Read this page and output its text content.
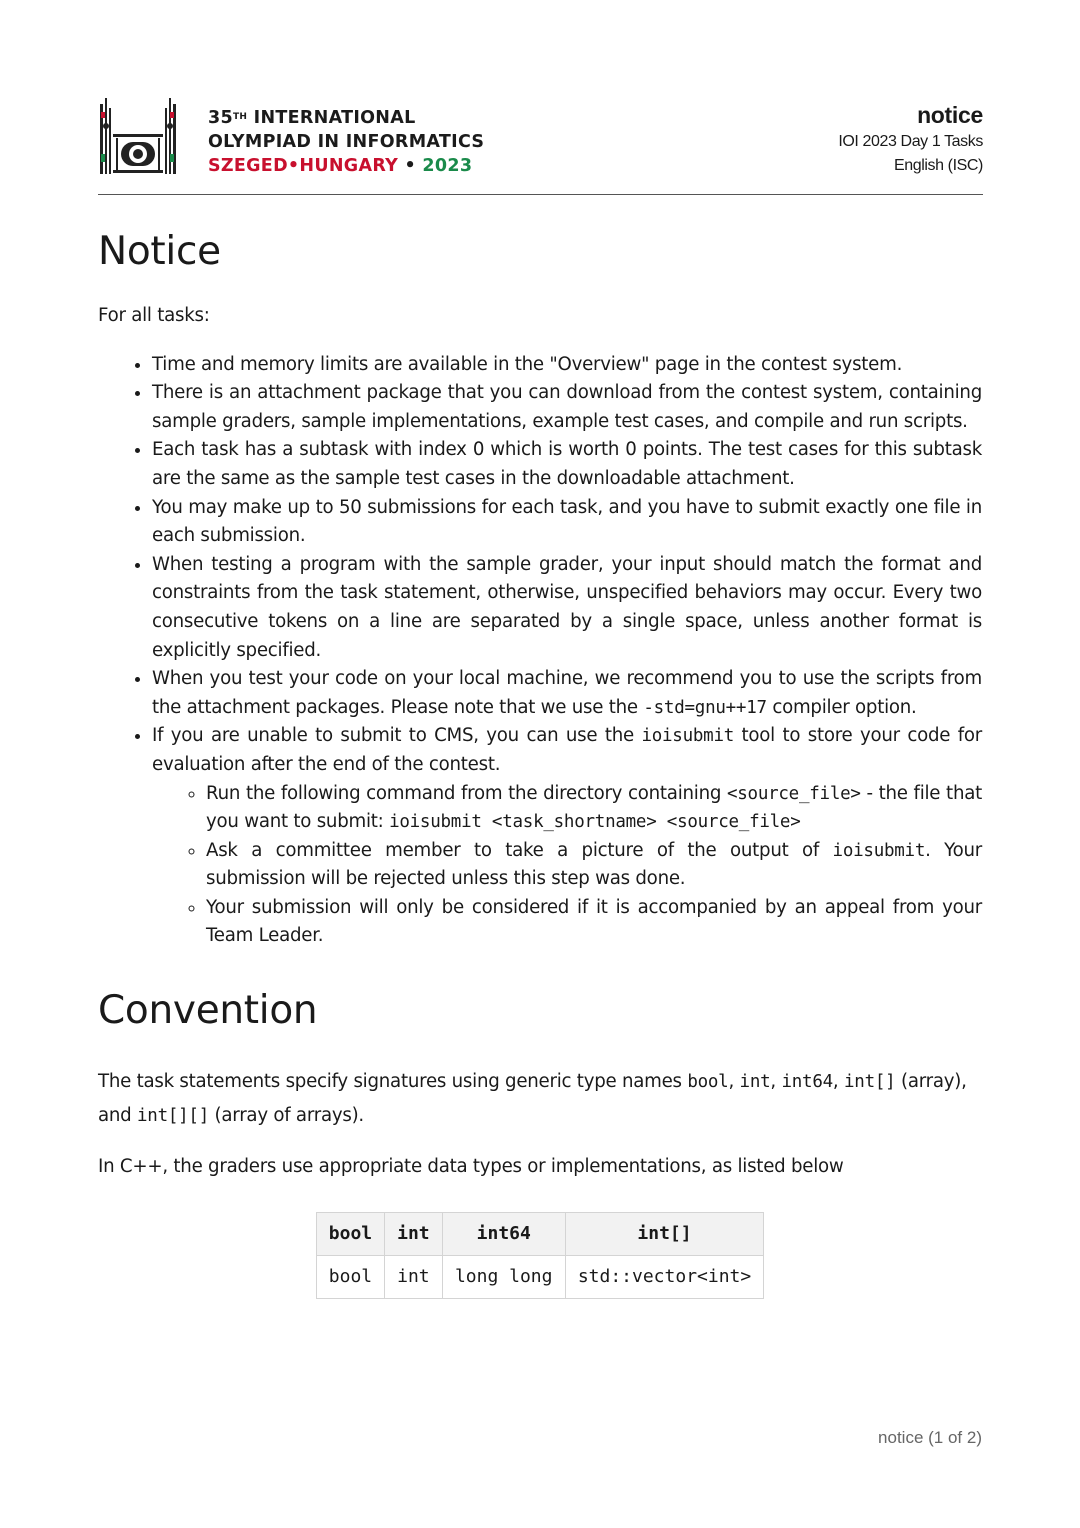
35TH INTERNATIONAL
OLYMPIAD IN INFORMATICS
SZEGED•HUNGARY • 2023
notice
IOI 2023 Day 1 Tasks
English (ISC)
Notice

For all tasks:

• Time and memory limits are available in the "Overview" page in the contest system.
• There is an attachment package that you can download from the contest system, containing sample graders, sample implementations, example test cases, and compile and run scripts.
• Each task has a subtask with index 0 which is worth 0 points. The test cases for this subtask are the same as the sample test cases in the downloadable attachment.
• You may make up to 50 submissions for each task, and you have to submit exactly one file in each submission.
• When testing a program with the sample grader, your input should match the format and constraints from the task statement, otherwise, unspecified behaviors may occur. Every two consecutive tokens on a line are separated by a single space, unless another format is explicitly specified.
• When you test your code on your local machine, we recommend you to use the scripts from the attachment packages. Please note that we use the -std=gnu++17 compiler option.
• If you are unable to submit to CMS, you can use the ioisubmit tool to store your code for evaluation after the end of the contest.
◦ Run the following command from the directory containing <source_file> - the file that you want to submit: ioisubmit <task_shortname> <source_file>
◦ Ask a committee member to take a picture of the output of ioisubmit. Your submission will be rejected unless this step was done.
◦ Your submission will only be considered if it is accompanied by an appeal from your Team Leader.
Convention

The task statements specify signatures using generic type names bool, int, int64, int[] (array), and int[][] (array of arrays).

In C++, the graders use appropriate data types or implementations, as listed below

bool	int	int64	int[]
bool	int	long long	std::vector<int>
notice (1 of 2)
